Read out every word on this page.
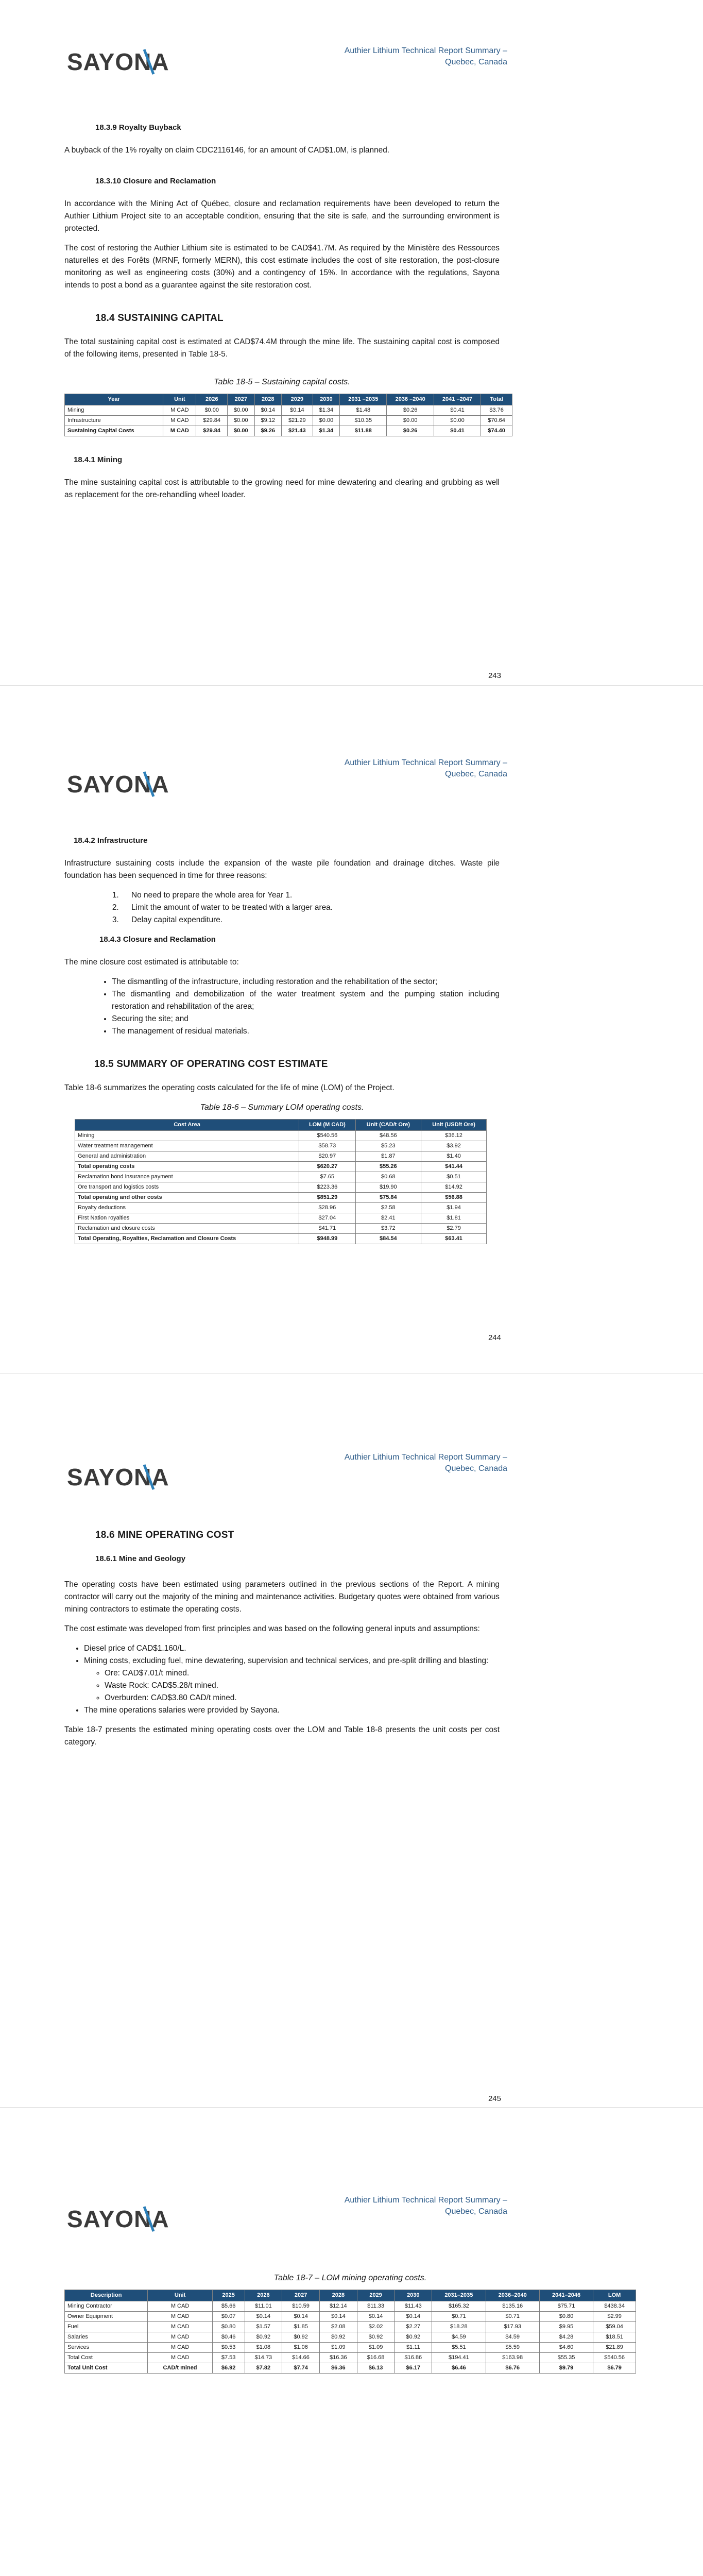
SAYONA	Authier Lithium Technical Report Summary –
Quebec, Canada
18.3.9 Royalty Buyback

A buyback of the 1% royalty on claim CDC2116146, for an amount of CAD$1.0M, is planned.

18.3.10 Closure and Reclamation

In accordance with the Mining Act of Québec, closure and reclamation requirements have been developed to return the Authier Lithium Project site to an acceptable condition, ensuring that the site is safe, and the surrounding environment is protected.

The cost of restoring the Authier Lithium site is estimated to be CAD$41.7M. As required by the Ministère des Ressources naturelles et des Forêts (MRNF, formerly MERN), this cost estimate includes the cost of site restoration, the post-closure monitoring as well as engineering costs (30%) and a contingency of 15%. In accordance with the regulations, Sayona intends to post a bond as a guarantee against the site restoration cost.

18.4 SUSTAINING CAPITAL

The total sustaining capital cost is estimated at CAD$74.4M through the mine life. The sustaining capital cost is composed of the following items, presented in Table 18-5.

Table 18-5 – Sustaining capital costs.
Year	Unit	2026	2027	2028	2029	2030	2031 –2035	2036 –2040	2041 –2047	Total
Mining	M CAD	$0.00	$0.00	$0.14	$0.14	$1.34	$1.48	$0.26	$0.41	$3.76
Infrastructure	M CAD	$29.84	$0.00	$9.12	$21.29	$0.00	$10.35	$0.00	$0.00	$70.64
Sustaining Capital Costs	M CAD	$29.84	$0.00	$9.26	$21.43	$1.34	$11.88	$0.26	$0.41	$74.40
18.4.1 Mining

The mine sustaining capital cost is attributable to the growing need for mine dewatering and clearing and grubbing as well as replacement for the ore-rehandling wheel loader.

243
SAYONA
Authier Lithium Technical Report Summary –
Quebec, Canada
18.4.2 Infrastructure

Infrastructure sustaining costs include the expansion of the waste pile foundation and drainage ditches. Waste pile foundation has been sequenced in time for three reasons:

1. No need to prepare the whole area for Year 1.
2. Limit the amount of water to be treated with a larger area.
3. Delay capital expenditure.
18.4.3 Closure and Reclamation

The mine closure cost estimated is attributable to:

• The dismantling of the infrastructure, including restoration and the rehabilitation of the sector;
• The dismantling and demobilization of the water treatment system and the pumping station including restoration and rehabilitation of the area;
• Securing the site; and
• The management of residual materials.
18.5 SUMMARY OF OPERATING COST ESTIMATE

Table 18-6 summarizes the operating costs calculated for the life of mine (LOM) of the Project.

Table 18-6 – Summary LOM operating costs.
Cost Area	LOM (M CAD)	Unit (CAD/t Ore)	Unit (USD/t Ore)
Mining	$540.56	$48.56	$36.12
Water treatment management	$58.73	$5.23	$3.92
General and administration	$20.97	$1.87	$1.40
Total operating costs	$620.27	$55.26	$41.44
Reclamation bond insurance payment	$7.65	$0.68	$0.51
Ore transport and logistics costs	$223.36	$19.90	$14.92
Total operating and other costs	$851.29	$75.84	$56.88
Royalty deductions	$28.96	$2.58	$1.94
First Nation royalties	$27.04	$2.41	$1.81
Reclamation and closure costs	$41.71	$3.72	$2.79
Total Operating, Royalties, Reclamation and Closure Costs	$948.99	$84.54	$63.41
244
SAYONA
Authier Lithium Technical Report Summary –
Quebec, Canada
18.6 MINE OPERATING COST
18.6.1 Mine and Geology

The operating costs have been estimated using parameters outlined in the previous sections of the Report. A mining contractor will carry out the majority of the mining and maintenance activities. Budgetary quotes were obtained from various mining contractors to estimate the operating costs.

The cost estimate was developed from first principles and was based on the following general inputs and assumptions:

• Diesel price of CAD$1.160/L.
• Mining costs, excluding fuel, mine dewatering, supervision and technical services, and pre-split drilling and blasting:
◦ Ore: CAD$7.01/t mined.
◦ Waste Rock: CAD$5.28/t mined.
◦ Overburden: CAD$3.80 CAD/t mined.
• The mine operations salaries were provided by Sayona.

Table 18-7 presents the estimated mining operating costs over the LOM and Table 18-8 presents the unit costs per cost category.

245
SAYONA
Authier Lithium Technical Report Summary –
Quebec, Canada
Table 18-7 – LOM mining operating costs.
Description	Unit	2025	2026	2027	2028	2029	2030	2031–2035	2036–2040	2041–2046	LOM
Mining Contractor	M CAD	$5.66	$11.01	$10.59	$12.14	$11.33	$11.43	$165.32	$135.16	$75.71	$438.34
Owner Equipment	M CAD	$0.07	$0.14	$0.14	$0.14	$0.14	$0.14	$0.71	$0.71	$0.80	$2.99
Fuel	M CAD	$0.80	$1.57	$1.85	$2.08	$2.02	$2.27	$18.28	$17.93	$9.95	$59.04
Salaries	M CAD	$0.46	$0.92	$0.92	$0.92	$0.92	$0.92	$4.59	$4.59	$4.28	$18.51
Services	M CAD	$0.53	$1.08	$1.06	$1.09	$1.09	$1.11	$5.51	$5.59	$4.60	$21.89
Total Cost	M CAD	$7.53	$14.73	$14.66	$16.36	$16.68	$16.86	$194.41	$163.98	$55.35	$540.56
Total Unit Cost	CAD/t mined	$6.92	$7.82	$7.74	$6.36	$6.13	$6.17	$6.46	$6.76	$9.79	$6.79
